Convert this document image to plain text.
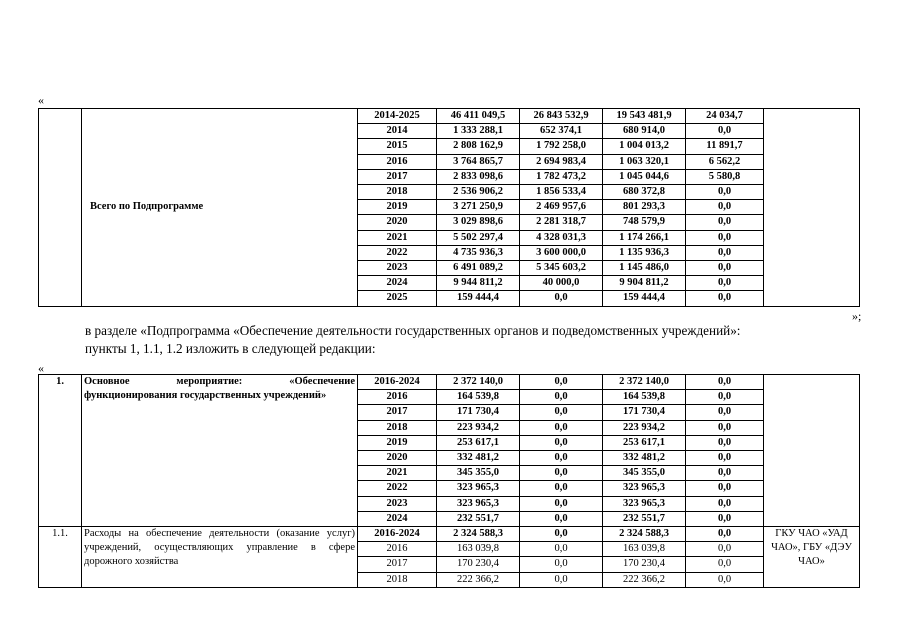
«
	Всего по Подпрограмме	2014-2025	46 411 049,5	26 843 532,9	19 543 481,9	24 034,7	
		2014	1 333 288,1	652 374,1	680 914,0	0,0	
		2015	2 808 162,9	1 792 258,0	1 004 013,2	11 891,7	
		2016	3 764 865,7	2 694 983,4	1 063 320,1	6 562,2	
		2017	2 833 098,6	1 782 473,2	1 045 044,6	5 580,8	
		2018	2 536 906,2	1 856 533,4	680 372,8	0,0	
		2019	3 271 250,9	2 469 957,6	801 293,3	0,0	
		2020	3 029 898,6	2 281 318,7	748 579,9	0,0	
		2021	5 502 297,4	4 328 031,3	1 174 266,1	0,0	
		2022	4 735 936,3	3 600 000,0	1 135 936,3	0,0	
		2023	6 491 089,2	5 345 603,2	1 145 486,0	0,0	
		2024	9 944 811,2	40 000,0	9 904 811,2	0,0	
		2025	159 444,4	0,0	159 444,4	0,0	
»;
в разделе «Подпрограмма «Обеспечение деятельности государственных органов и подведомственных учреждений»:
пункты 1, 1.1, 1.2 изложить в следующей редакции:
«
1.	Основное мероприятие: «Обеспечение функционирования государственных учреждений»	2016-2024	2 372 140,0	0,0	2 372 140,0	0,0	
		2016	164 539,8	0,0	164 539,8	0,0	
		2017	171 730,4	0,0	171 730,4	0,0	
		2018	223 934,2	0,0	223 934,2	0,0	
		2019	253 617,1	0,0	253 617,1	0,0	
		2020	332 481,2	0,0	332 481,2	0,0	
		2021	345 355,0	0,0	345 355,0	0,0	
		2022	323 965,3	0,0	323 965,3	0,0	
		2023	323 965,3	0,0	323 965,3	0,0	
		2024	232 551,7	0,0	232 551,7	0,0	
1.1.	Расходы на обеспечение деятельности (оказание услуг) учреждений, осуществляющих управление в сфере дорожного хозяйства	2016-2024	2 324 588,3	0,0	2 324 588,3	0,0	ГКУ ЧАО «УАД ЧАО», ГБУ «ДЭУ ЧАО»
		2016	163 039,8	0,0	163 039,8	0,0	
		2017	170 230,4	0,0	170 230,4	0,0	
		2018	222 366,2	0,0	222 366,2	0,0	
